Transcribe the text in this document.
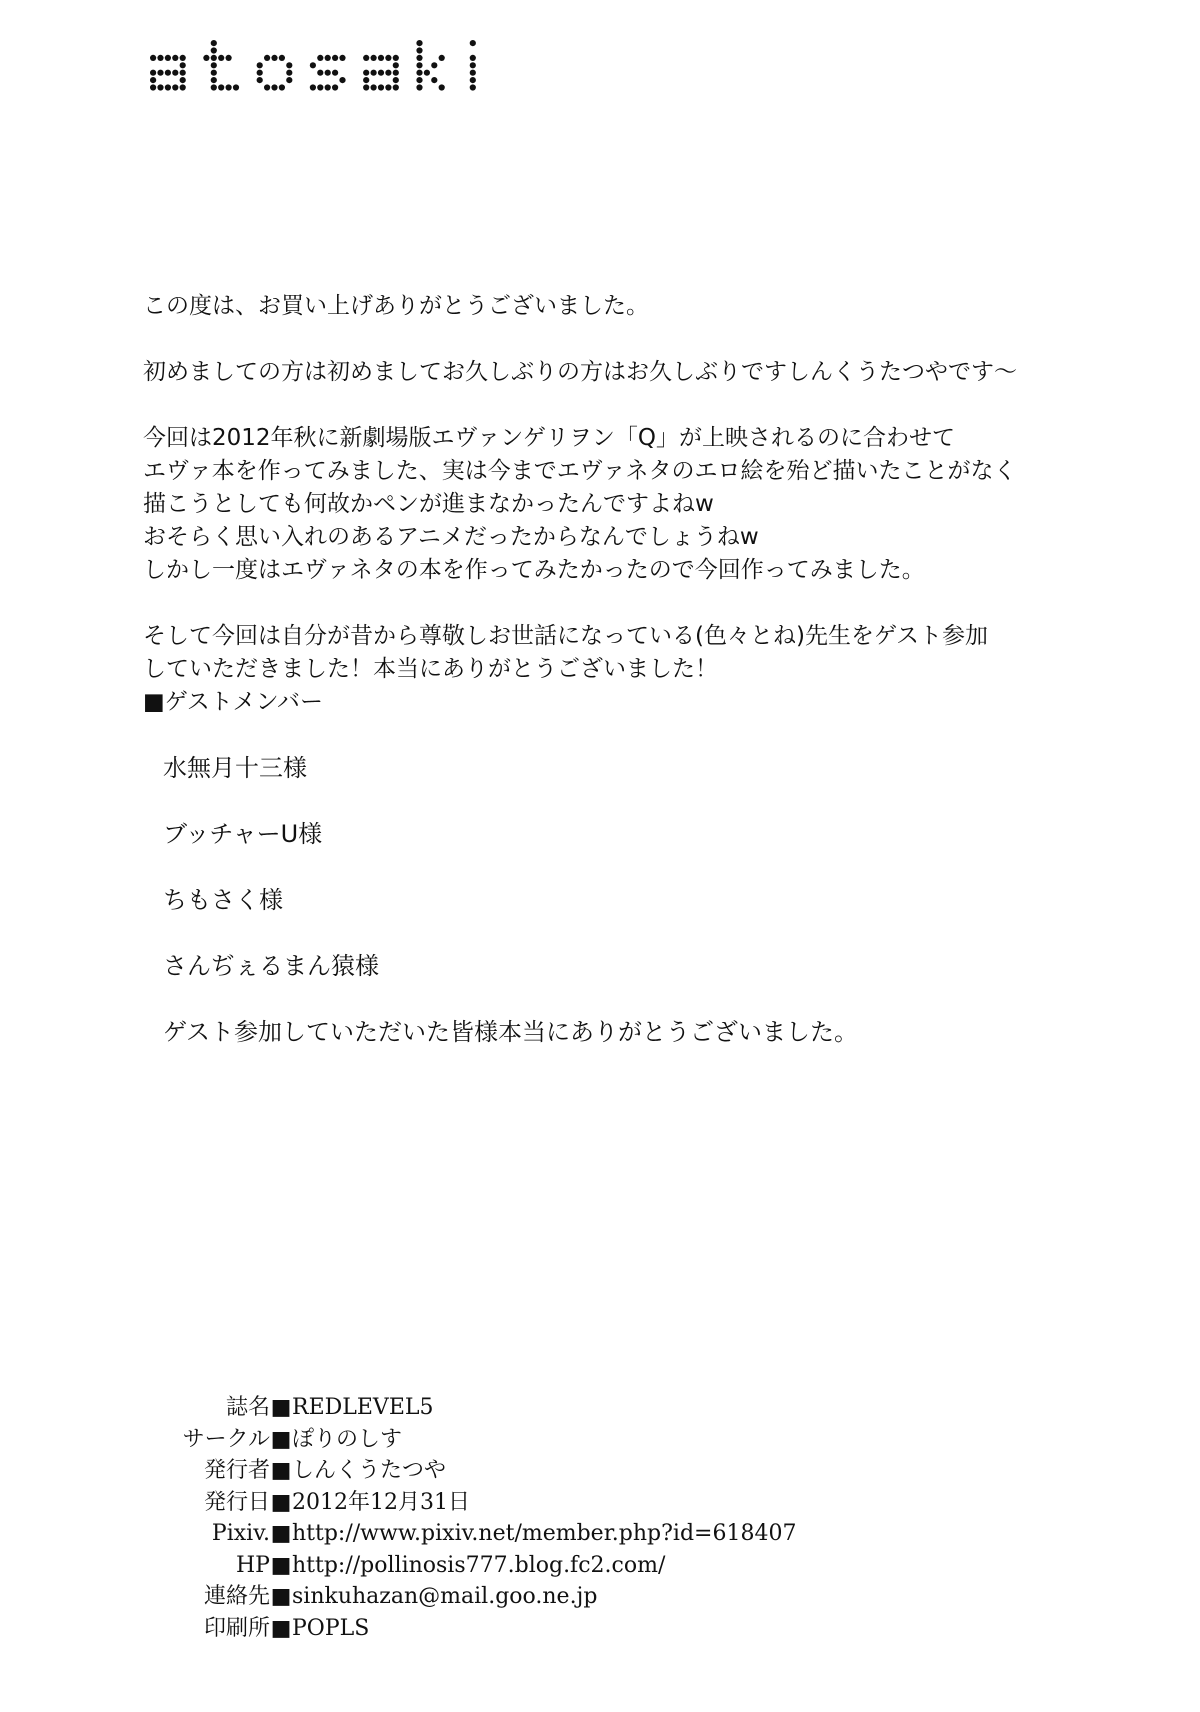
この度は、お買い上げありがとうございました。

初めましての方は初めましてお久しぶりの方はお久しぶりですしんくうたつやです～

今回は2012年秋に新劇場版エヴァンゲリヲン「Q」が上映されるのに合わせて
エヴァ本を作ってみました、実は今までエヴァネタのエロ絵を殆ど描いたことがなく
描こうとしても何故かペンが進まなかったんですよねw
おそらく思い入れのあるアニメだったからなんでしょうねw
しかし一度はエヴァネタの本を作ってみたかったので今回作ってみました。

そして今回は自分が昔から尊敬しお世話になっている(色々とね)先生をゲスト参加
していただきました！本当にありがとうございました！
■ゲストメンバー

水無月十三様
ブッチャーU様
ちもさく様
さんぢぇるまん猿様
ゲスト参加していただいた皆様本当にありがとうございました。
誌名 ■ REDLEVEL5
サークル ■ ぽりのしす
発行者 ■ しんくうたつや
発行日 ■ 2012年12月31日
Pixiv. ■ http://www.pixiv.net/member.php?id=618407
HP ■ http://pollinosis777.blog.fc2.com/
連絡先 ■ sinkuhazan@mail.goo.ne.jp
印刷所 ■ POPLS
